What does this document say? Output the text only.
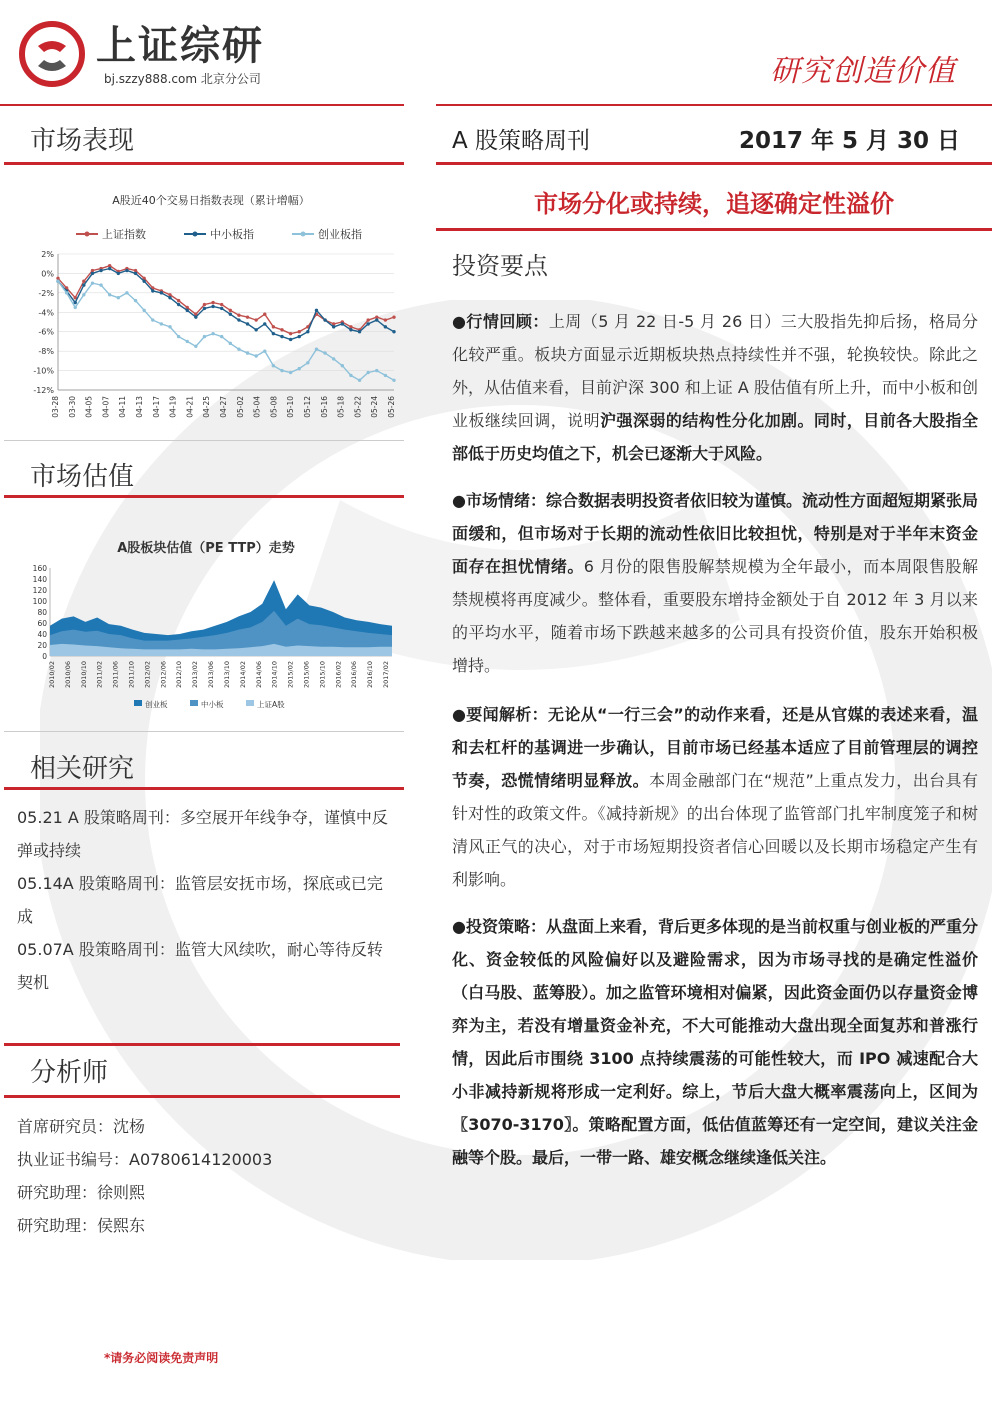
上证综研
bj.szzy888.com 北京分公司	研究创造价值
市场表现
A股近40个交易日指数表现（累计增幅）
上证指数	中小板指	创业板指
2%
0%
-2%
-4%
-6%
-8%
-10%
-12%
03-28 03-30 04-05 04-07 04-11 04-13 04-17 04-19 04-21 04-25 04-27 05-02 05-04 05-08 05-10 05-12 05-16 05-18 05-22 05-24 05-26
市场估值
A股板块估值（PE TTP）走势
160
140
120
100
80
60
40
20
0
2010/02 2010/06 2010/10 2011/02 2011/06 2011/10 2012/02 2012/06 2012/10 2013/02 2013/06 2013/10 2014/02 2014/06 2014/10 2015/02 2015/06 2015/10 2016/02 2016/06 2016/10 2017/02
创业板	中小板	上证A股
相关研究
05.21 A 股策略周刊：多空展开年线争夺，谨慎中反弹或持续
05.14A 股策略周刊：监管层安抚市场，探底或已完成
05.07A 股策略周刊：监管大风续吹，耐心等待反转契机
分析师
首席研究员：沈杨
执业证书编号：A0780614120003
研究助理：徐则熙
研究助理：侯熙东
A 股策略周刊	2017 年 5 月 30 日
市场分化或持续，追逐确定性溢价
投资要点
●行情回顾：上周（5 月 22 日-5 月 26 日）三大股指先抑后扬，格局分化较严重。板块方面显示近期板块热点持续性并不强，轮换较快。除此之外，从估值来看，目前沪深 300 和上证 A 股估值有所上升，而中小板和创业板继续回调，说明沪强深弱的结构性分化加剧。同时，目前各大股指全部低于历史均值之下，机会已逐渐大于风险。
●市场情绪：综合数据表明投资者依旧较为谨慎。流动性方面超短期紧张局面缓和，但市场对于长期的流动性依旧比较担忧，特别是对于半年末资金面存在担忧情绪。6 月份的限售股解禁规模为全年最小，而本周限售股解禁规模将再度减少。整体看，重要股东增持金额处于自 2012 年 3 月以来的平均水平，随着市场下跌越来越多的公司具有投资价值，股东开始积极增持。
●要闻解析：无论从“一行三会”的动作来看，还是从官媒的表述来看，温和去杠杆的基调进一步确认，目前市场已经基本适应了目前管理层的调控节奏，恐慌情绪明显释放。本周金融部门在“规范”上重点发力，出台具有针对性的政策文件。《减持新规》的出台体现了监管部门扎牢制度笼子和树清风正气的决心，对于市场短期投资者信心回暖以及长期市场稳定产生有利影响。
●投资策略：从盘面上来看，背后更多体现的是当前权重与创业板的严重分化、资金较低的风险偏好以及避险需求，因为市场寻找的是确定性溢价（白马股、蓝筹股）。加之监管环境相对偏紧，因此资金面仍以存量资金博弈为主，若没有增量资金补充，不大可能推动大盘出现全面复苏和普涨行情，因此后市围绕 3100 点持续震荡的可能性较大，而 IPO 减速配合大小非减持新规将形成一定利好。综上，节后大盘大概率震荡向上，区间为〖3070-3170〗。策略配置方面，低估值蓝筹还有一定空间，建议关注金融等个股。最后，一带一路、雄安概念继续逢低关注。
*请务必阅读免责声明
